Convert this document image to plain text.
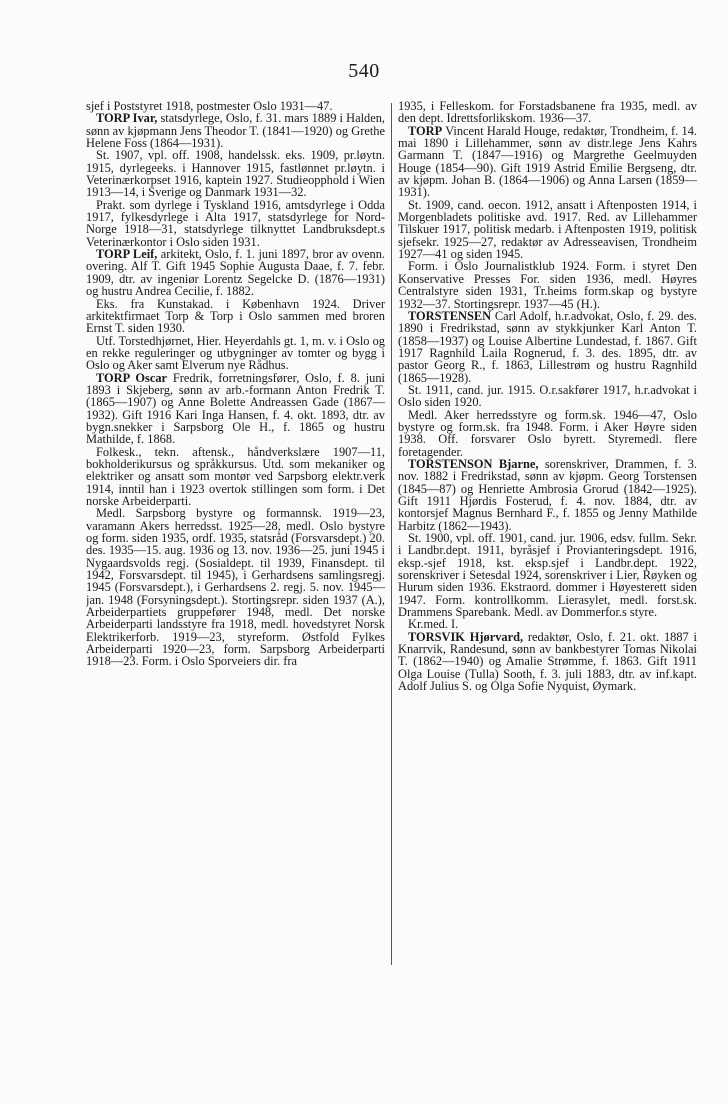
540

sjef i Poststyret 1918, postmester Oslo 1931—47.

TORP Ivar, statsdyrlege, Oslo, f. 31. mars 1889 i Halden, sønn av kjøpmann Jens Theodor T. (1841—1920) og Grethe Helene Foss (1864—1931).

St. 1907, vpl. off. 1908, handelssk. eks. 1909, pr.løytn. 1915, dyrlegeeks. i Hannover 1915, fastlønnet pr.løytn. i Veterinærkorpset 1916, kaptein 1927. Studieopphold i Wien 1913—14, i Sverige og Danmark 1931—32.

Prakt. som dyrlege i Tyskland 1916, amtsdyrlege i Odda 1917, fylkesdyrlege i Alta 1917, statsdyrlege for Nord-Norge 1918—31, statsdyrlege tilknyttet Landbruksdept.s Veterinærkontor i Oslo siden 1931.

TORP Leif, arkitekt, Oslo, f. 1. juni 1897, bror av ovenn. overing. Alf T. Gift 1945 Sophie Augusta Daae, f. 7. febr. 1909, dtr. av ingeniør Lorentz Segelcke D. (1876—1931) og hustru Andrea Cecilie, f. 1882.

Eks. fra Kunstakad. i København 1924. Driver arkitektfirmaet Torp & Torp i Oslo sammen med broren Ernst T. siden 1930.

Utf. Torstedhjørnet, Hier. Heyerdahls gt. 1, m. v. i Oslo og en rekke reguleringer og utbygninger av tomter og bygg i Oslo og Aker samt Elverum nye Rådhus.

TORP Oscar Fredrik, forretningsfører, Oslo, f. 8. juni 1893 i Skjeberg, sønn av arb.-formann Anton Fredrik T. (1865—1907) og Anne Bolette Andreassen Gade (1867—1932). Gift 1916 Kari Inga Hansen, f. 4. okt. 1893, dtr. av bygn.snekker i Sarpsborg Ole H., f. 1865 og hustru Mathilde, f. 1868.

Folkesk., tekn. aftensk., håndverkslære 1907—11, bokholderikursus og språkkursus. Utd. som mekaniker og elektriker og ansatt som montør ved Sarpsborg elektr.verk 1914, inntil han i 1923 overtok stillingen som form. i Det norske Arbeiderparti.

Medl. Sarpsborg bystyre og formannsk. 1919—23, varamann Akers herredsst. 1925—28, medl. Oslo bystyre og form. siden 1935, ordf. 1935, statsråd (Forsvarsdept.) 20. des. 1935—15. aug. 1936 og 13. nov. 1936—25. juni 1945 i Nygaardsvolds regj. (Sosialdept. til 1939, Finansdept. til 1942, Forsvarsdept. til 1945), i Gerhardsens samlingsregj. 1945 (Forsvarsdept.), i Gerhardsens 2. regj. 5. nov. 1945—jan. 1948 (Forsyningsdept.). Stortingsrepr. siden 1937 (A.), Arbeiderpartiets gruppefører 1948, medl. Det norske Arbeiderparti landsstyre fra 1918, medl. hovedstyret Norsk Elektrikerforb. 1919—23, styreform. Østfold Fylkes Arbeiderparti 1920—23, form. Sarpsborg Arbeiderparti 1918—23. Form. i Oslo Sporveiers dir. fra

1935, i Felleskom. for Forstadsbanene fra 1935, medl. av den dept. Idrettsforlikskom. 1936—37.

TORP Vincent Harald Houge, redaktør, Trondheim, f. 14. mai 1890 i Lillehammer, sønn av distr.lege Jens Kahrs Garmann T. (1847—1916) og Margrethe Geelmuyden Houge (1854—90). Gift 1919 Astrid Emilie Bergseng, dtr. av kjøpm. Johan B. (1864—1906) og Anna Larsen (1859—1931).

St. 1909, cand. oecon. 1912, ansatt i Aftenposten 1914, i Morgenbladets politiske avd. 1917. Red. av Lillehammer Tilskuer 1917, politisk medarb. i Aftenposten 1919, politisk sjefsekr. 1925—27, redaktør av Adresseavisen, Trondheim 1927—41 og siden 1945.

Form. i Oslo Journalistklub 1924. Form. i styret Den Konservative Presses For. siden 1936, medl. Høyres Centralstyre siden 1931, Tr.heims form.skap og bystyre 1932—37. Stortingsrepr. 1937—45 (H.).

TORSTENSEN Carl Adolf, h.r.advokat, Oslo, f. 29. des. 1890 i Fredrikstad, sønn av stykkjunker Karl Anton T. (1858—1937) og Louise Albertine Lundestad, f. 1867. Gift 1917 Ragnhild Laila Rognerud, f. 3. des. 1895, dtr. av pastor Georg R., f. 1863, Lillestrøm og hustru Ragnhild (1865—1928).

St. 1911, cand. jur. 1915. O.r.sakfører 1917, h.r.advokat i Oslo siden 1920.

Medl. Aker herredsstyre og form.sk. 1946—47, Oslo bystyre og form.sk. fra 1948. Form. i Aker Høyre siden 1938. Off. forsvarer Oslo byrett. Styremedl. flere foretagender.

TORSTENSON Bjarne, sorenskriver, Drammen, f. 3. nov. 1882 i Fredrikstad, sønn av kjøpm. Georg Torstensen (1845—87) og Henriette Ambrosia Grorud (1842—1925). Gift 1911 Hjørdis Fosterud, f. 4. nov. 1884, dtr. av kontorsjef Magnus Bernhard F., f. 1855 og Jenny Mathilde Harbitz (1862—1943).

St. 1900, vpl. off. 1901, cand. jur. 1906, edsv. fullm. Sekr. i Landbr.dept. 1911, byråsjef i Provianteringsdept. 1916, eksp.-sjef 1918, kst. eksp.sjef i Landbr.dept. 1922, sorenskriver i Setesdal 1924, sorenskriver i Lier, Røyken og Hurum siden 1936. Ekstraord. dommer i Høyesterett siden 1947. Form. kontrollkomm. Lierasylet, medl. forst.sk. Drammens Sparebank. Medl. av Dommerfor.s styre.

Kr.med. I.

TORSVIK Hjørvard, redaktør, Oslo, f. 21. okt. 1887 i Knarrvik, Randesund, sønn av bankbestyrer Tomas Nikolai T. (1862—1940) og Amalie Strømme, f. 1863. Gift 1911 Olga Louise (Tulla) Sooth, f. 3. juli 1883, dtr. av inf.kapt. Adolf Julius S. og Olga Sofie Nyquist, Øymark.
